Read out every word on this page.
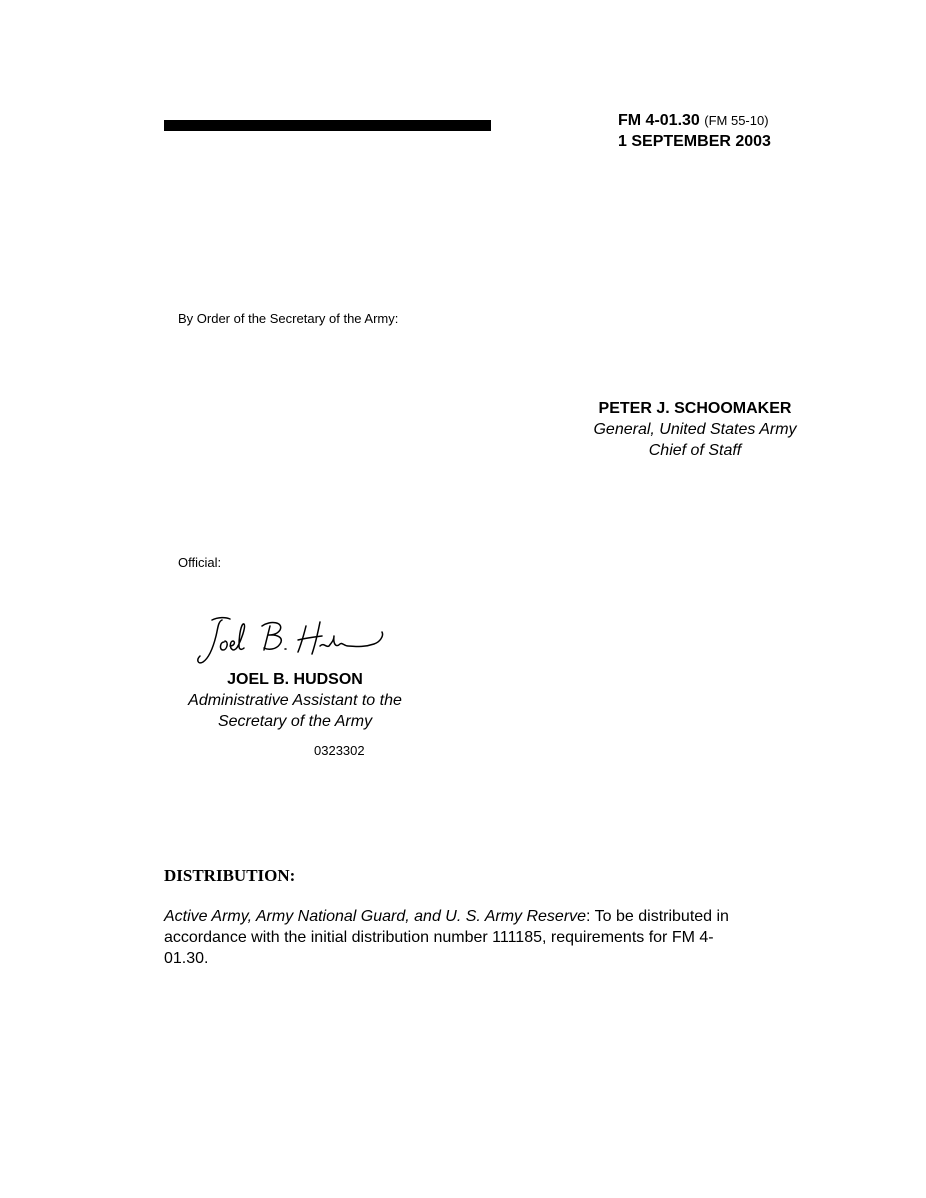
FM 4-01.30 (FM 55-10)
1 SEPTEMBER 2003
By Order of the Secretary of the Army:
PETER J. SCHOOMAKER
General, United States Army
Chief of Staff
Official:
JOEL B. HUDSON
Administrative Assistant to the
Secretary of the Army
0323302
DISTRIBUTION:
Active Army, Army National Guard, and U. S. Army Reserve: To be distributed in accordance with the initial distribution number 111185, requirements for FM 4-01.30.
